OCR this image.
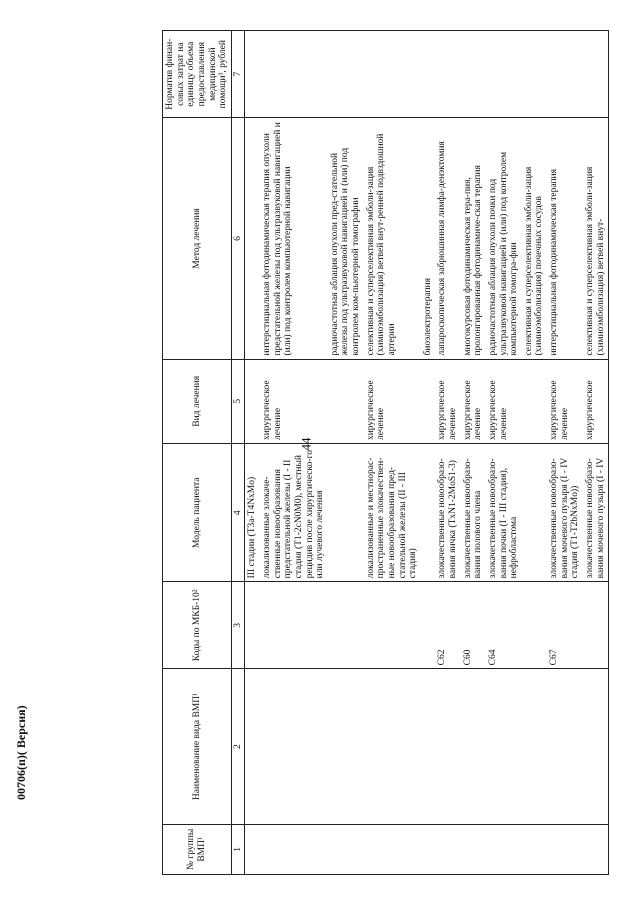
44
00706(п)( Версия)
№ группы ВМП¹	Наименование вида ВМП¹	Коды по МКБ-10²	Модель пациента	Вид лечения	Метод лечения	Норматив финан-совых затрат на единицу объема предоставления медицинской помощи³, рублей
1	2	3	4	5	6	7
			III стадии (T3a-T4NxMo)			
			локализованные злокаче-ственные новообразования предстательной железы (I - II стадия (T1-2cN0M0), местный рецидив после хирургическо-го или лучевого лечения	хирургическое лечение	интерстициальная фотодинамическая терапия опухоли предстательной железы под ультразвуковой навигацией и (или) под контролем компьютерной навигации	
					радиочастотная аблация опухоли пред-стательной железы под ультразвуковой навигацией и (или) под контролем ком-пьютерной томографии	
			локализованные и местнорас-пространенные злокачествен-ные новообразования пред-стательной железы (II - III стадия)	хирургическое лечение	селективная и суперселективная эмболи-зация (химиоэмболизация) ветвей внут-ренней подвздошной артерии	
					биоэлектротерапия	
		C62	злокачественные новообразо-вания яичка (TxN1-2MoS1-3)	хирургическое лечение	лапароскопическая забрюшинная лимфа-денэктомия	
		C60	злокачественные новообразо-вания полового члена	хирургическое лечение	многокурсовая фотодинамическая тера-пия, пролонгированная фотодинамиче-ская терапия	
		C64	злокачественные новообразо-вания почки (I - III стадия), нефробластома	хирургическое лечение	радиочастотная аблация опухоли почки под ультразвуковой навигацией и (или) под контролем компьютерной томогра-фии	
					селективная и суперселективная эмболи-зация (химиоэмболизация) почечных сосудов	
		C67	злокачественные новообразо-вания мочевого пузыря (I - IV стадия (T1-T2bNxMo))	хирургическое лечение	интерстициальная фотодинамическая терапия	
			злокачественные новообразо-вания мочевого пузыря (I - IV	хирургическое	селективная и суперселективная эмболи-зация (химиоэмболизация) ветвей внут-	
